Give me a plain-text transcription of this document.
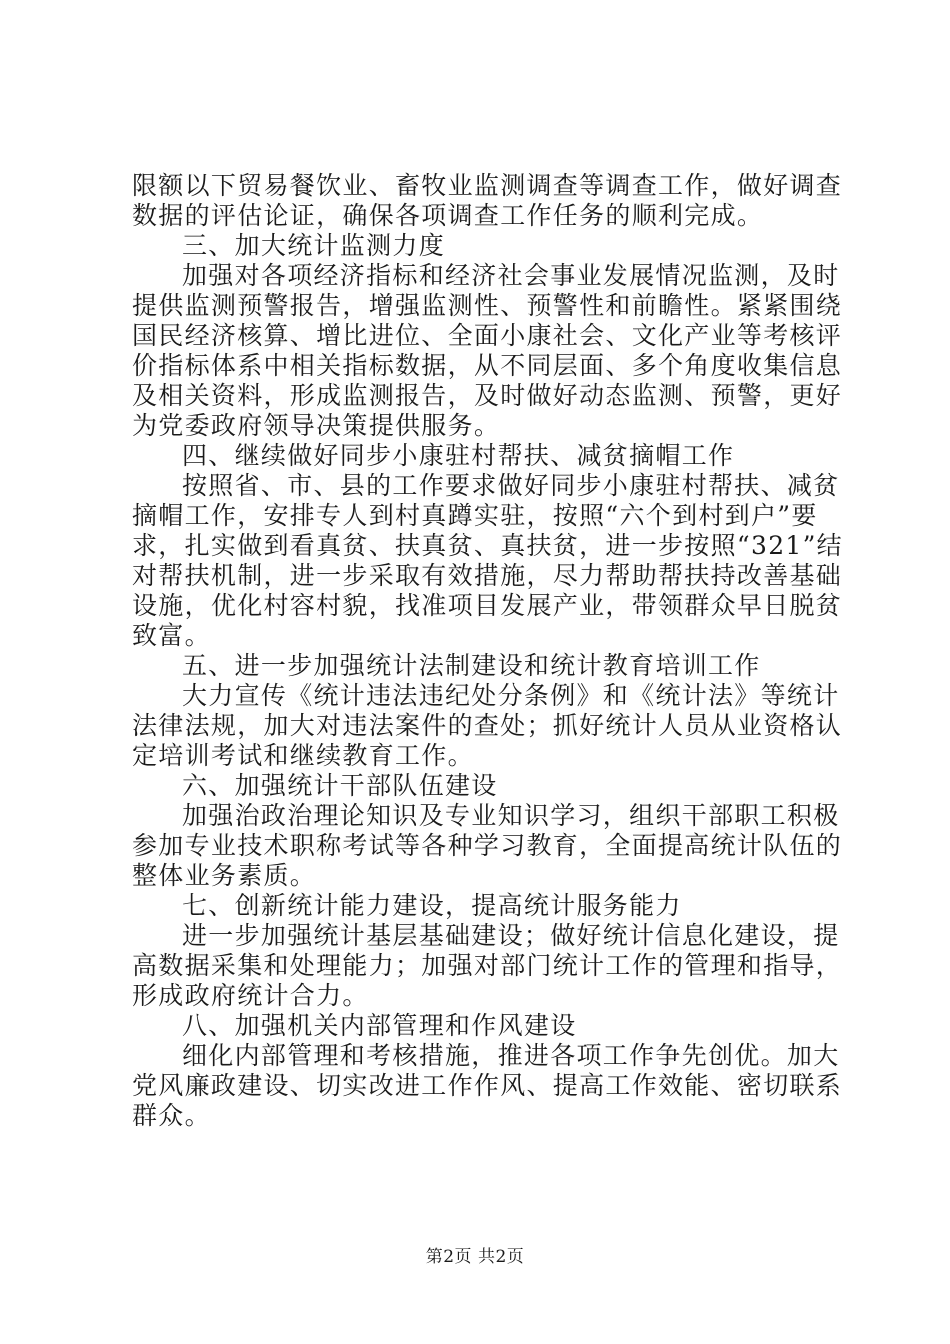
限额以下贸易餐饮业、畜牧业监测调查等调查工作，做好调查

数据的评估论证，确保各项调查工作任务的顺利完成。

三、加大统计监测力度

加强对各项经济指标和经济社会事业发展情况监测，及时

提供监测预警报告，增强监测性、预警性和前瞻性。紧紧围绕

国民经济核算、增比进位、全面小康社会、文化产业等考核评

价指标体系中相关指标数据，从不同层面、多个角度收集信息

及相关资料，形成监测报告，及时做好动态监测、预警，更好

为党委政府领导决策提供服务。

四、继续做好同步小康驻村帮扶、减贫摘帽工作

按照省、市、县的工作要求做好同步小康驻村帮扶、减贫

摘帽工作，安排专人到村真蹲实驻，按照“六个到村到户”要

求，扎实做到看真贫、扶真贫、真扶贫，进一步按照“321”结

对帮扶机制，进一步采取有效措施，尽力帮助帮扶持改善基础

设施，优化村容村貌，找准项目发展产业，带领群众早日脱贫

致富。

五、进一步加强统计法制建设和统计教育培训工作

大力宣传《统计违法违纪处分条例》和《统计法》等统计

法律法规，加大对违法案件的查处；抓好统计人员从业资格认

定培训考试和继续教育工作。

六、加强统计干部队伍建设

加强治政治理论知识及专业知识学习，组织干部职工积极

参加专业技术职称考试等各种学习教育，全面提高统计队伍的

整体业务素质。

七、创新统计能力建设，提高统计服务能力

进一步加强统计基层基础建设；做好统计信息化建设，提

高数据采集和处理能力；加强对部门统计工作的管理和指导，

形成政府统计合力。

八、加强机关内部管理和作风建设

细化内部管理和考核措施，推进各项工作争先创优。加大

党风廉政建设、切实改进工作作风、提高工作效能、密切联系

群众。

第2页 共2页
